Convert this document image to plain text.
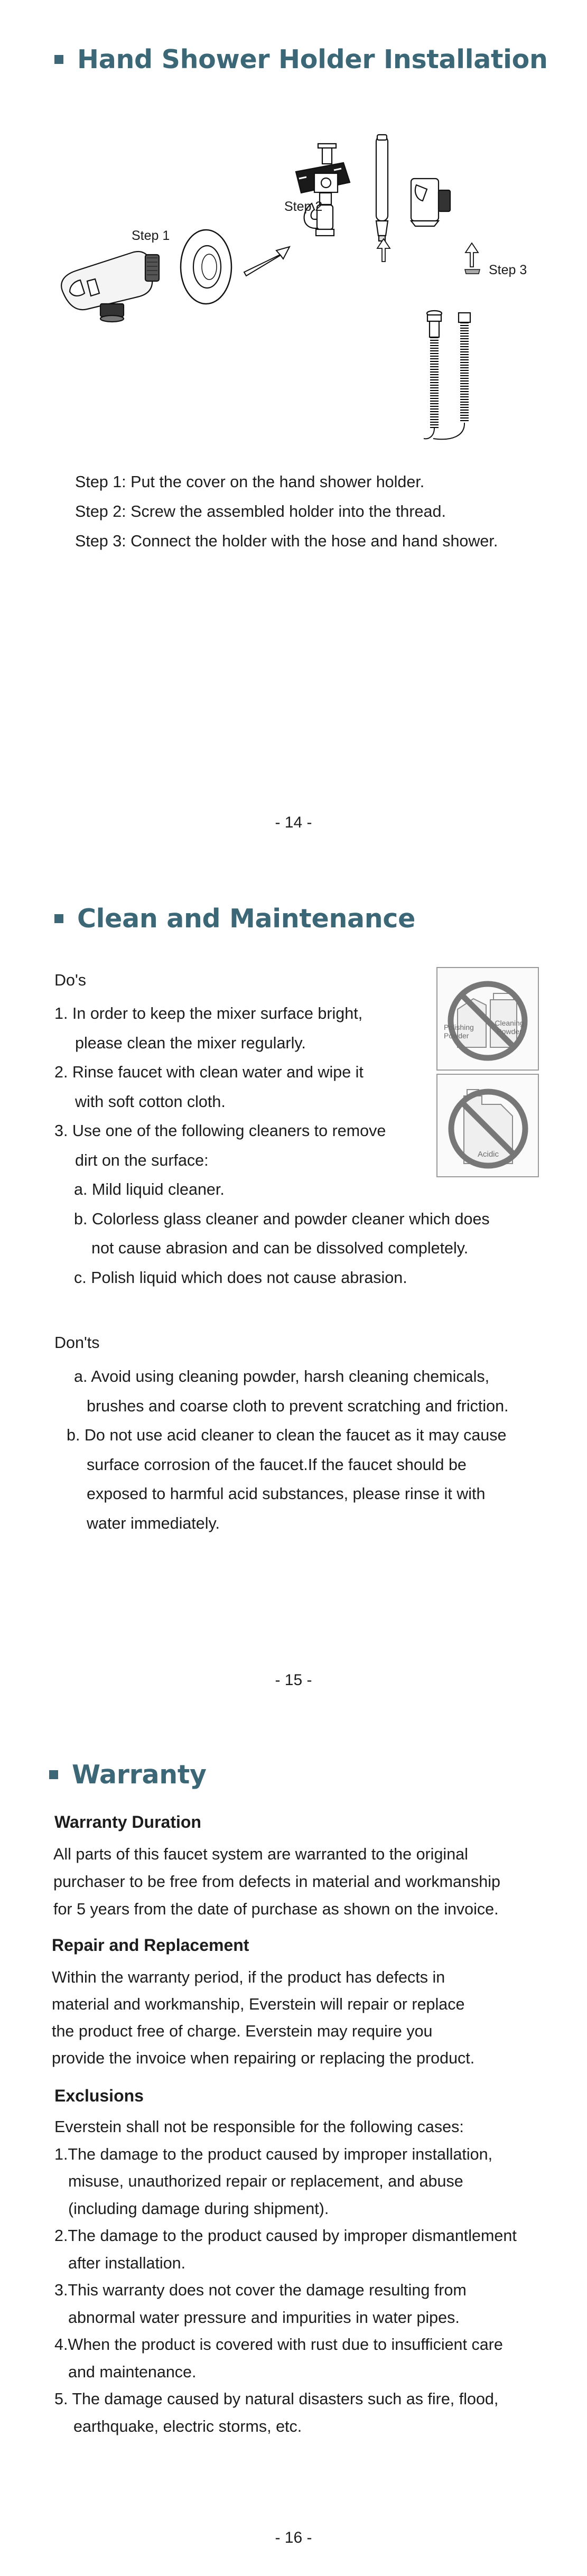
Hand Shower Holder Installation
Step 1
Step 2
Step 3
Step 1: Put the cover on the hand shower holder.
Step 2: Screw the assembled holder into the thread.
Step 3: Connect the holder with the hose and hand shower.
- 14 -
Clean and Maintenance
Do's
1. In order to keep the mixer surface bright,
please clean the mixer regularly.
2. Rinse faucet with clean water and wipe it
with soft cotton cloth.
3. Use one of the following cleaners to remove
dirt on the surface:
a. Mild liquid cleaner.
b. Colorless glass cleaner and powder cleaner which does
not cause abrasion and can be dissolved completely.
c. Polish liquid which does not cause abrasion.
Polishing Powder
Cleaning Powder
Acidic
Don'ts
a. Avoid using cleaning powder, harsh cleaning chemicals,
brushes and coarse cloth to prevent scratching and friction.
b. Do not use acid cleaner to clean the faucet as it may cause
surface corrosion of the faucet.If the faucet should be
exposed to harmful acid substances, please rinse it with
water immediately.
- 15 -
Warranty
Warranty Duration
All parts of this faucet system are warranted to the original
purchaser to be free from defects in material and workmanship
for 5 years from the date of purchase as shown on the invoice.
Repair and Replacement
Within the warranty period, if the product has defects in
material and workmanship, Everstein will repair or replace
the product free of charge. Everstein may require you
provide the invoice when repairing or replacing the product.
Exclusions
Everstein shall not be responsible for the following cases:
1.The damage to the product caused by improper installation,
misuse, unauthorized repair or replacement, and abuse
(including damage during shipment).
2.The damage to the product caused by improper dismantlement
after installation.
3.This warranty does not cover the damage resulting from
abnormal water pressure and impurities in water pipes.
4.When the product is covered with rust due to insufficient care
and maintenance.
5. The damage caused by natural disasters such as fire, flood,
earthquake, electric storms, etc.
- 16 -
